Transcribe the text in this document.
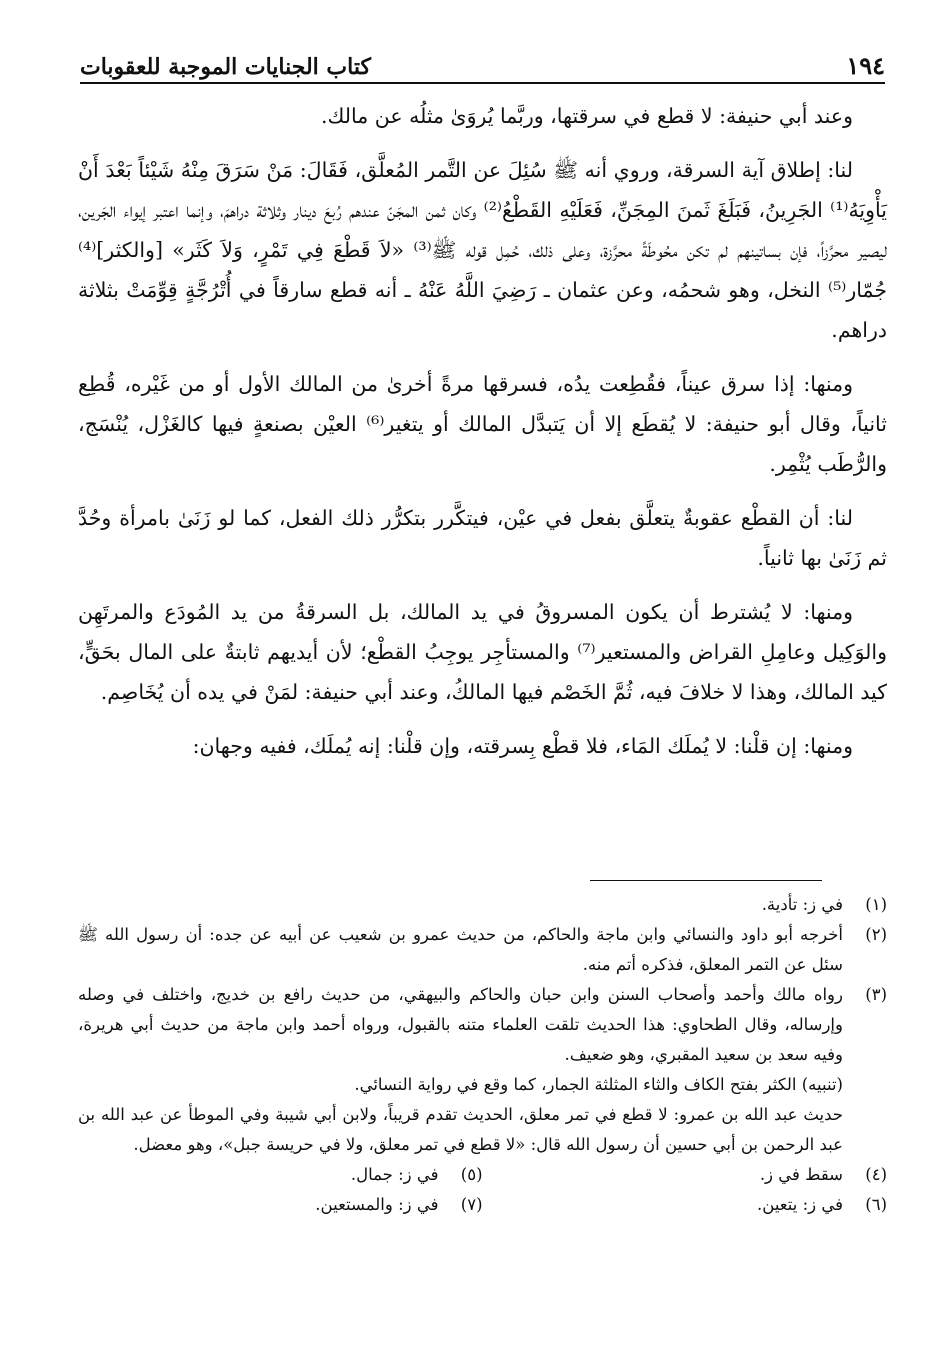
١٩٤
كتاب الجنايات الموجبة للعقوبات

وعند أبي حنيفة: لا قطع في سرقتها، وربَّما يُروَىٰ مثلُه عن مالك.

لنا: إطلاق آية السرقة، وروي أنه ﷺ سُئِلَ عن التَّمر المُعلَّق، فَقَالَ: مَنْ سَرَقَ مِنْهُ شَيْئاً بَعْدَ أَنْ يَأْوِيَهُ⁽¹⁾ الجَرِينُ، فَبَلَغَ ثَمنَ المِجَنِّ، فَعَلَيْهِ القَطْعُ⁽²⁾ وكان ثمن المجَنّ عندهم رُبعَ دينار وثلاثة دراهمَ، وإنما اعتبر إيواء الجَرين، ليصير محرَّزاً، فإن بساتينهم لم تكن محُوطَةً محرَّزة، وعلى ذلك، حُمِل قوله ﷺ⁽³⁾ «لاَ قَطْعَ فِي تَمْرٍ، وَلاَ كَثَر» [والكثر]⁽⁴⁾ جُمّار⁽⁵⁾ النخل، وهو شحمُه، وعن عثمان ـ رَضِيَ اللَّهُ عَنْهُ ـ أنه قطع سارقاً في أُتْرُجَّةٍ قِوِّمَتْ بثلاثة دراهم.

ومنها: إذا سرق عيناً، فقُطِعت يدُه، فسرقها مرةً أخرىٰ من المالك الأول أو من غَيْره، قُطِع ثانياً، وقال أبو حنيفة: لا يُقطَع إلا أن يَتبدَّل المالك أو يتغير⁽⁶⁾ العيْن بصنعةٍ فيها كالغَزْل، يُنْسَج، والرُّطَب يُثْمِر.

لنا: أن القطْع عقوبةٌ يتعلَّق بفعل في عيْن، فيتكَّرر بتكرُّر ذلك الفعل، كما لو زَنَىٰ بامرأة وحُدَّ ثم زَنَىٰ بها ثانياً.

ومنها: لا يُشترط أن يكون المسروقُ في يد المالك، بل السرقةُ من يد المُودَع والمرتَهِن والوَكِيل وعامِلِ القراض والمستعير⁽⁷⁾ والمستأجِر يوجِبُ القطْع؛ لأن أيديهم ثابتةٌ على المال بحَقٍّ، كيد المالك، وهذا لا خلافَ فيه، ثُمَّ الخَصْم فيها المالكُ، وعند أبي حنيفة: لمَنْ في يده أن يُخَاصِم.

ومنها: إن قلْنا: لا يُملَك المَاء، فلا قطْع بِسرقته، وإن قلْنا: إنه يُملَك، ففيه وجهان:

(١)
في ز: تأدية.
(٢)
أخرجه أبو داود والنسائي وابن ماجة والحاكم، من حديث عمرو بن شعيب عن أبيه عن جده: أن رسول الله ﷺ سئل عن التمر المعلق، فذكره أتم منه.
(٣)
رواه مالك وأحمد وأصحاب السنن وابن حبان والحاكم والبيهقي، من حديث رافع بن خديج، واختلف في وصله وإرساله، وقال الطحاوي: هذا الحديث تلقت العلماء متنه بالقبول، ورواه أحمد وابن ماجة من حديث أبي هريرة، وفيه سعد بن سعيد المقبري، وهو ضعيف.
(تنبيه) الكثر بفتح الكاف والثاء المثلثة الجمار، كما وقع في رواية النسائي.
حديث عبد الله بن عمرو: لا قطع في تمر معلق، الحديث تقدم قريباً، ولابن أبي شيبة وفي الموطأ عن عبد الله بن عبد الرحمن بن أبي حسين أن رسول الله قال: «لا قطع في تمر معلق، ولا في حريسة جبل»، وهو معضل.
(٤)
سقط في ز.
(٥)
في ز: جمال.
(٦)
في ز: يتعين.
(٧)
في ز: والمستعين.
